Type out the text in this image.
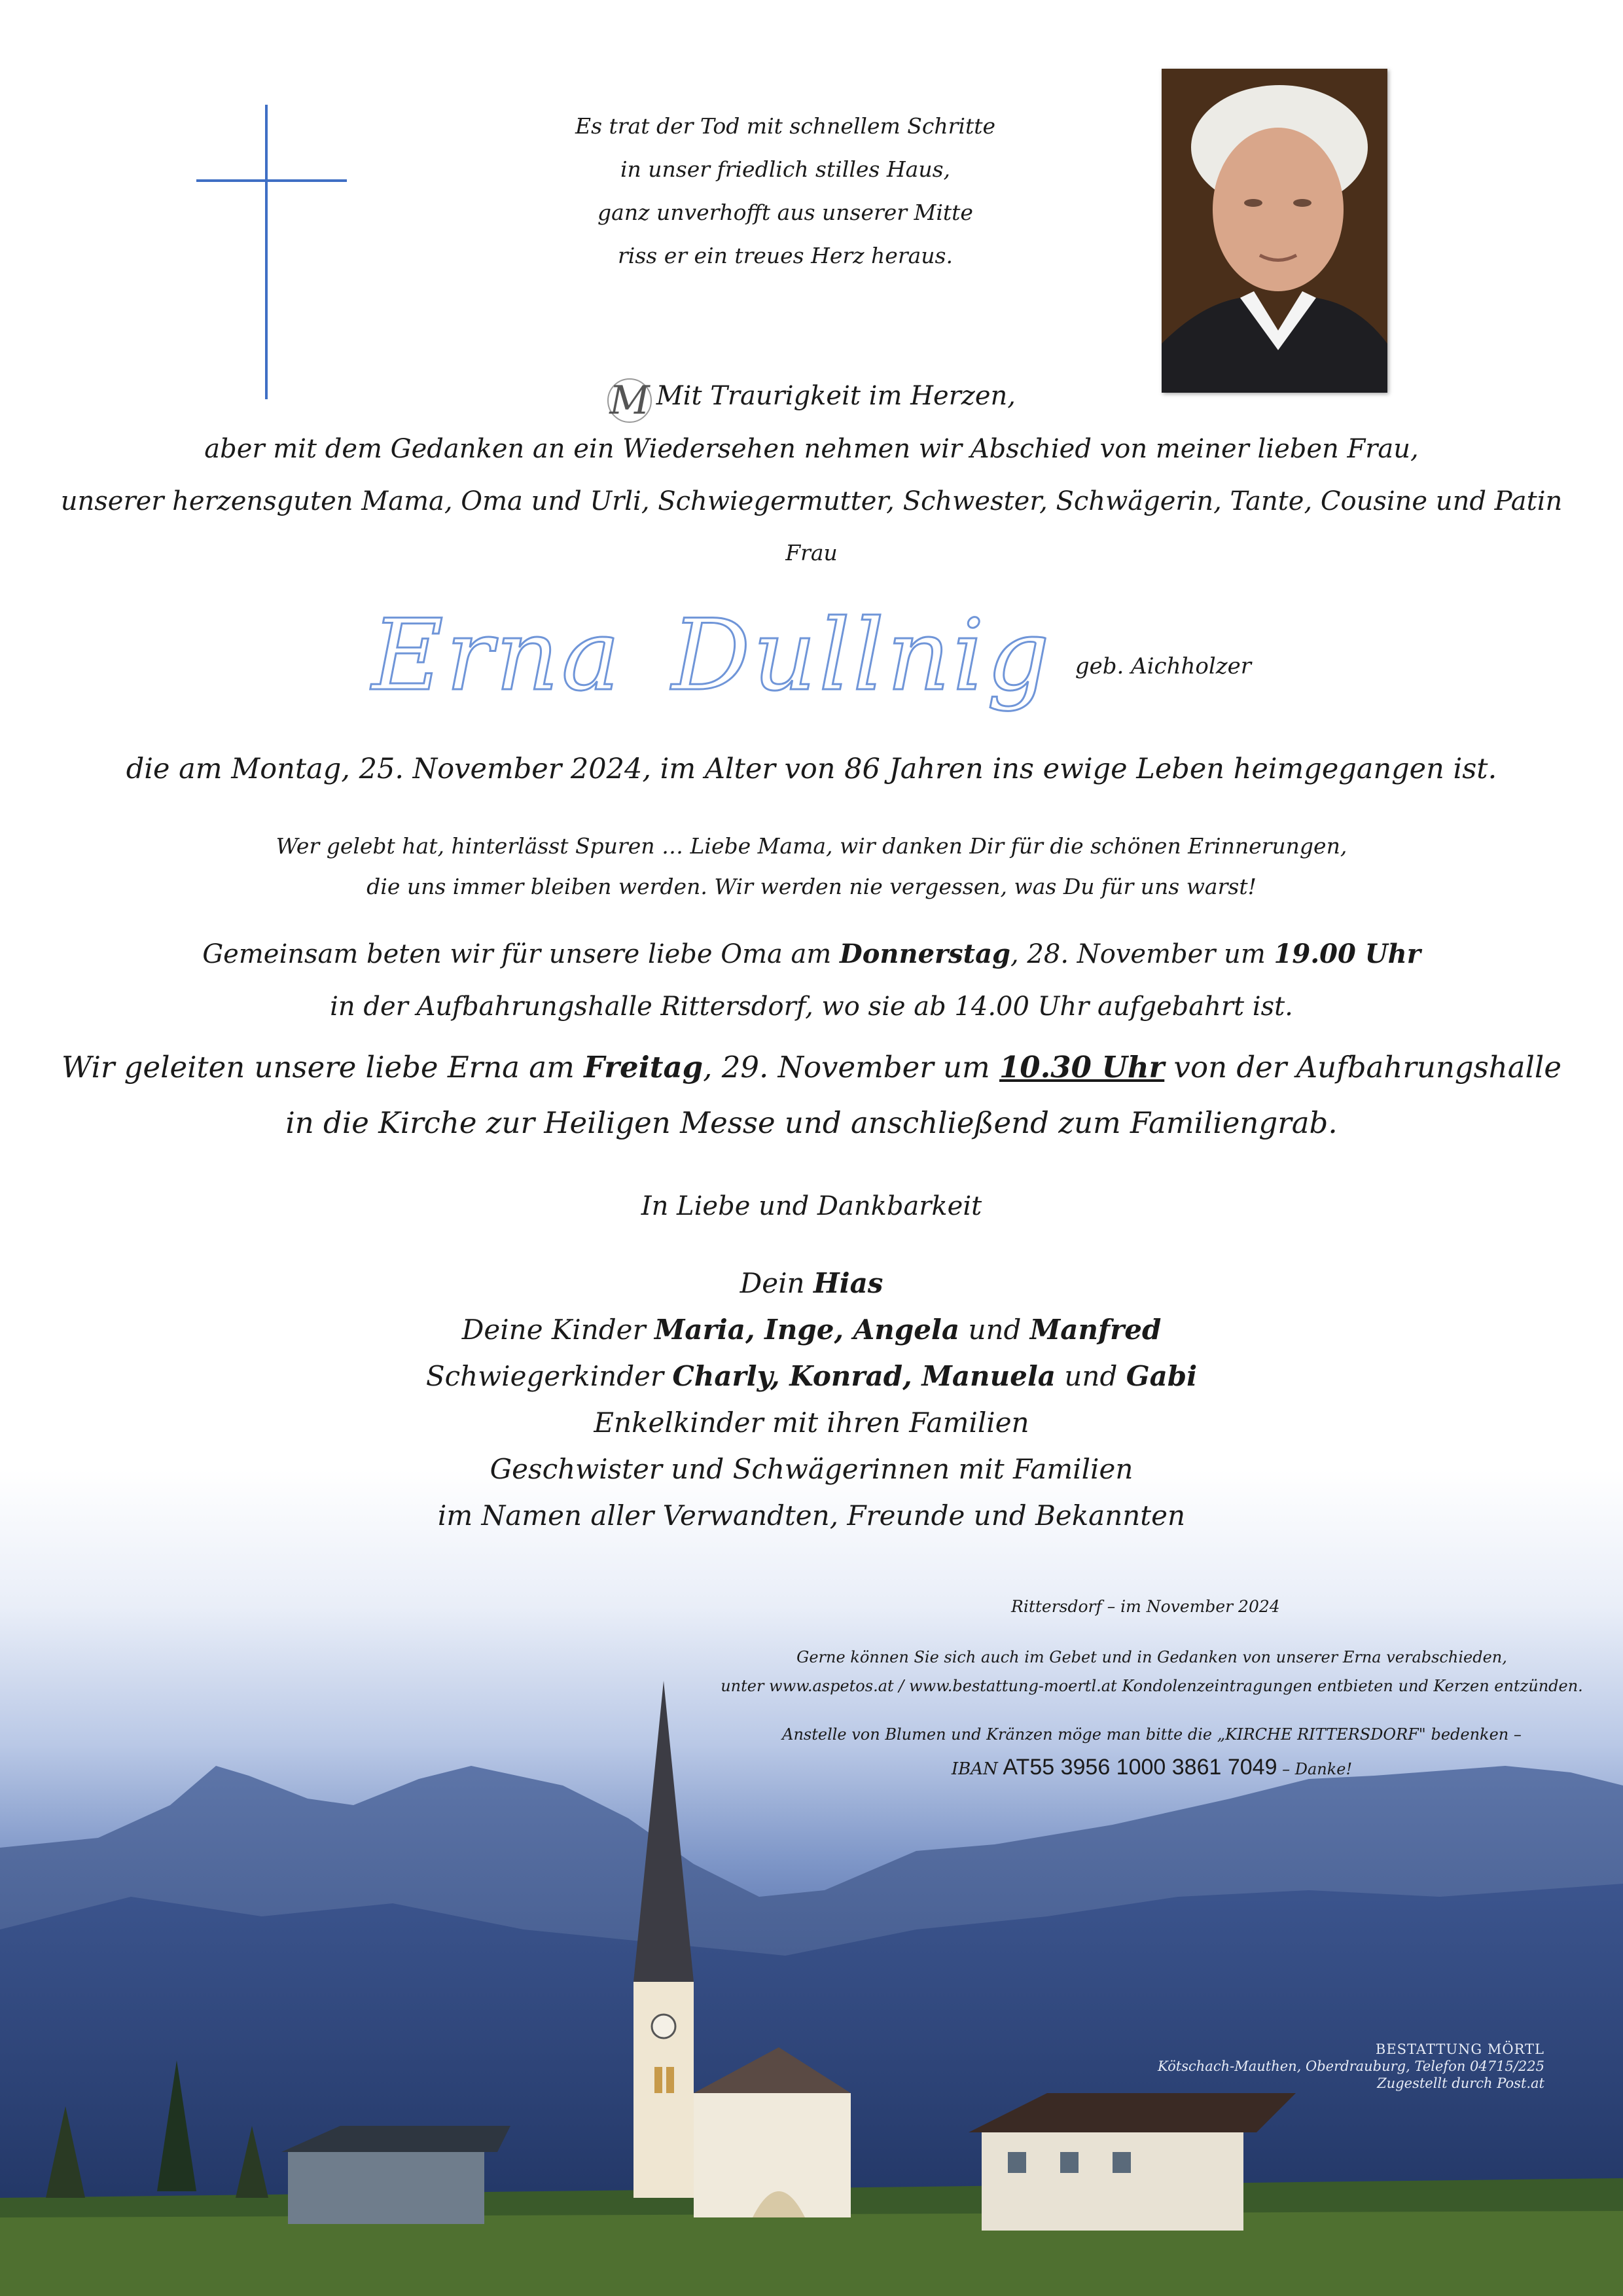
Es trat der Tod mit schnellem Schritte
in unser friedlich stilles Haus,
ganz unverhofft aus unserer Mitte
riss er ein treues Herz heraus.
M Mit Traurigkeit im Herzen,
aber mit dem Gedanken an ein Wiedersehen nehmen wir Abschied von meiner lieben Frau,
unserer herzensguten Mama, Oma und Urli, Schwiegermutter, Schwester, Schwägerin, Tante, Cousine und Patin
Frau
Erna Dullnig geb. Aichholzer
die am Montag, 25. November 2024, im Alter von 86 Jahren ins ewige Leben heimgegangen ist.
Wer gelebt hat, hinterlässt Spuren … Liebe Mama, wir danken Dir für die schönen Erinnerungen,
die uns immer bleiben werden. Wir werden nie vergessen, was Du für uns warst!
Gemeinsam beten wir für unsere liebe Oma am Donnerstag, 28. November um 19.00 Uhr
in der Aufbahrungshalle Rittersdorf, wo sie ab 14.00 Uhr aufgebahrt ist.
Wir geleiten unsere liebe Erna am Freitag, 29. November um 10.30 Uhr von der Aufbahrungshalle
in die Kirche zur Heiligen Messe und anschließend zum Familiengrab.
In Liebe und Dankbarkeit
Dein Hias
Deine Kinder Maria, Inge, Angela und Manfred
Schwiegerkinder Charly, Konrad, Manuela und Gabi
Enkelkinder mit ihren Familien
Geschwister und Schwägerinnen mit Familien
im Namen aller Verwandten, Freunde und Bekannten
Rittersdorf – im November 2024
Gerne können Sie sich auch im Gebet und in Gedanken von unserer Erna verabschieden,
unter www.aspetos.at / www.bestattung-moertl.at Kondolenzeintragungen entbieten und Kerzen entzünden.
Anstelle von Blumen und Kränzen möge man bitte die „KIRCHE RITTERSDORF" bedenken –
IBAN AT55 3956 1000 3861 7049 – Danke!
BESTATTUNG MÖRTL
Kötschach-Mauthen, Oberdrauburg, Telefon 04715/225
Zugestellt durch Post.at
